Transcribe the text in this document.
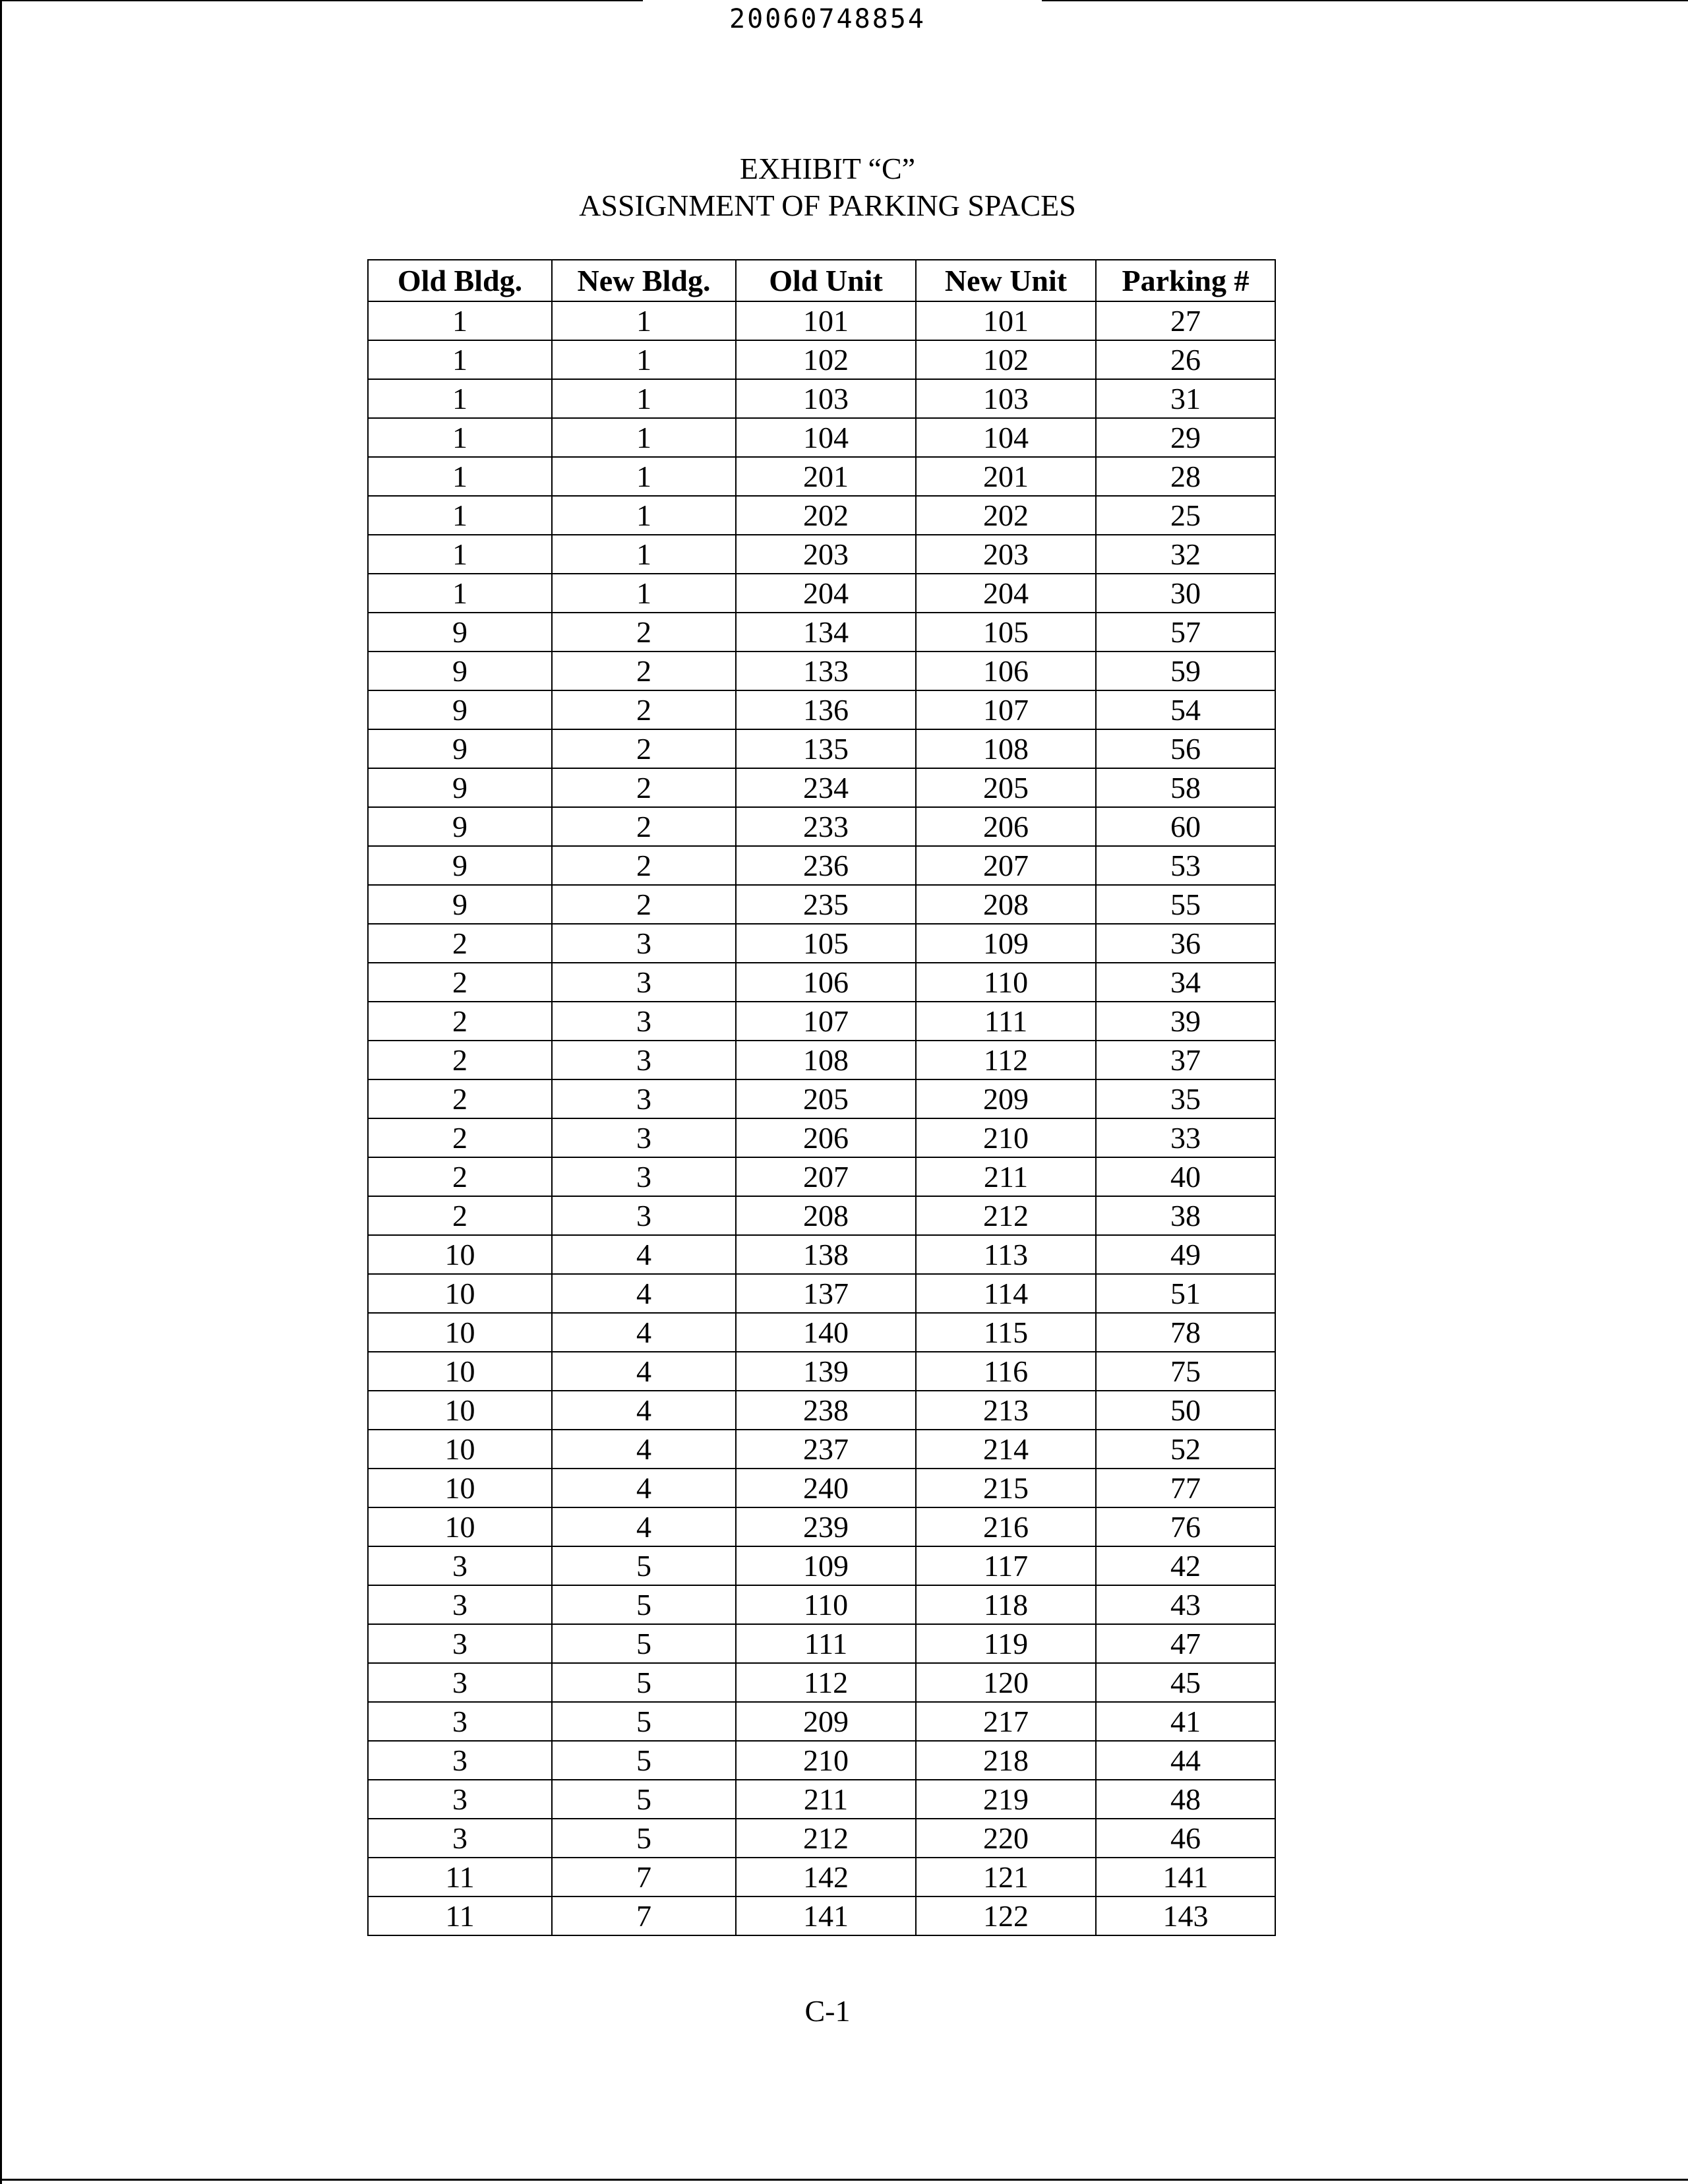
20060748854
EXHIBIT “C”
ASSIGNMENT OF PARKING SPACES
Old Bldg.	New Bldg.	Old Unit	New Unit	Parking #
1	1	101	101	27
1	1	102	102	26
1	1	103	103	31
1	1	104	104	29
1	1	201	201	28
1	1	202	202	25
1	1	203	203	32
1	1	204	204	30
9	2	134	105	57
9	2	133	106	59
9	2	136	107	54
9	2	135	108	56
9	2	234	205	58
9	2	233	206	60
9	2	236	207	53
9	2	235	208	55
2	3	105	109	36
2	3	106	110	34
2	3	107	111	39
2	3	108	112	37
2	3	205	209	35
2	3	206	210	33
2	3	207	211	40
2	3	208	212	38
10	4	138	113	49
10	4	137	114	51
10	4	140	115	78
10	4	139	116	75
10	4	238	213	50
10	4	237	214	52
10	4	240	215	77
10	4	239	216	76
3	5	109	117	42
3	5	110	118	43
3	5	111	119	47
3	5	112	120	45
3	5	209	217	41
3	5	210	218	44
3	5	211	219	48
3	5	212	220	46
11	7	142	121	141
11	7	141	122	143
C-1
